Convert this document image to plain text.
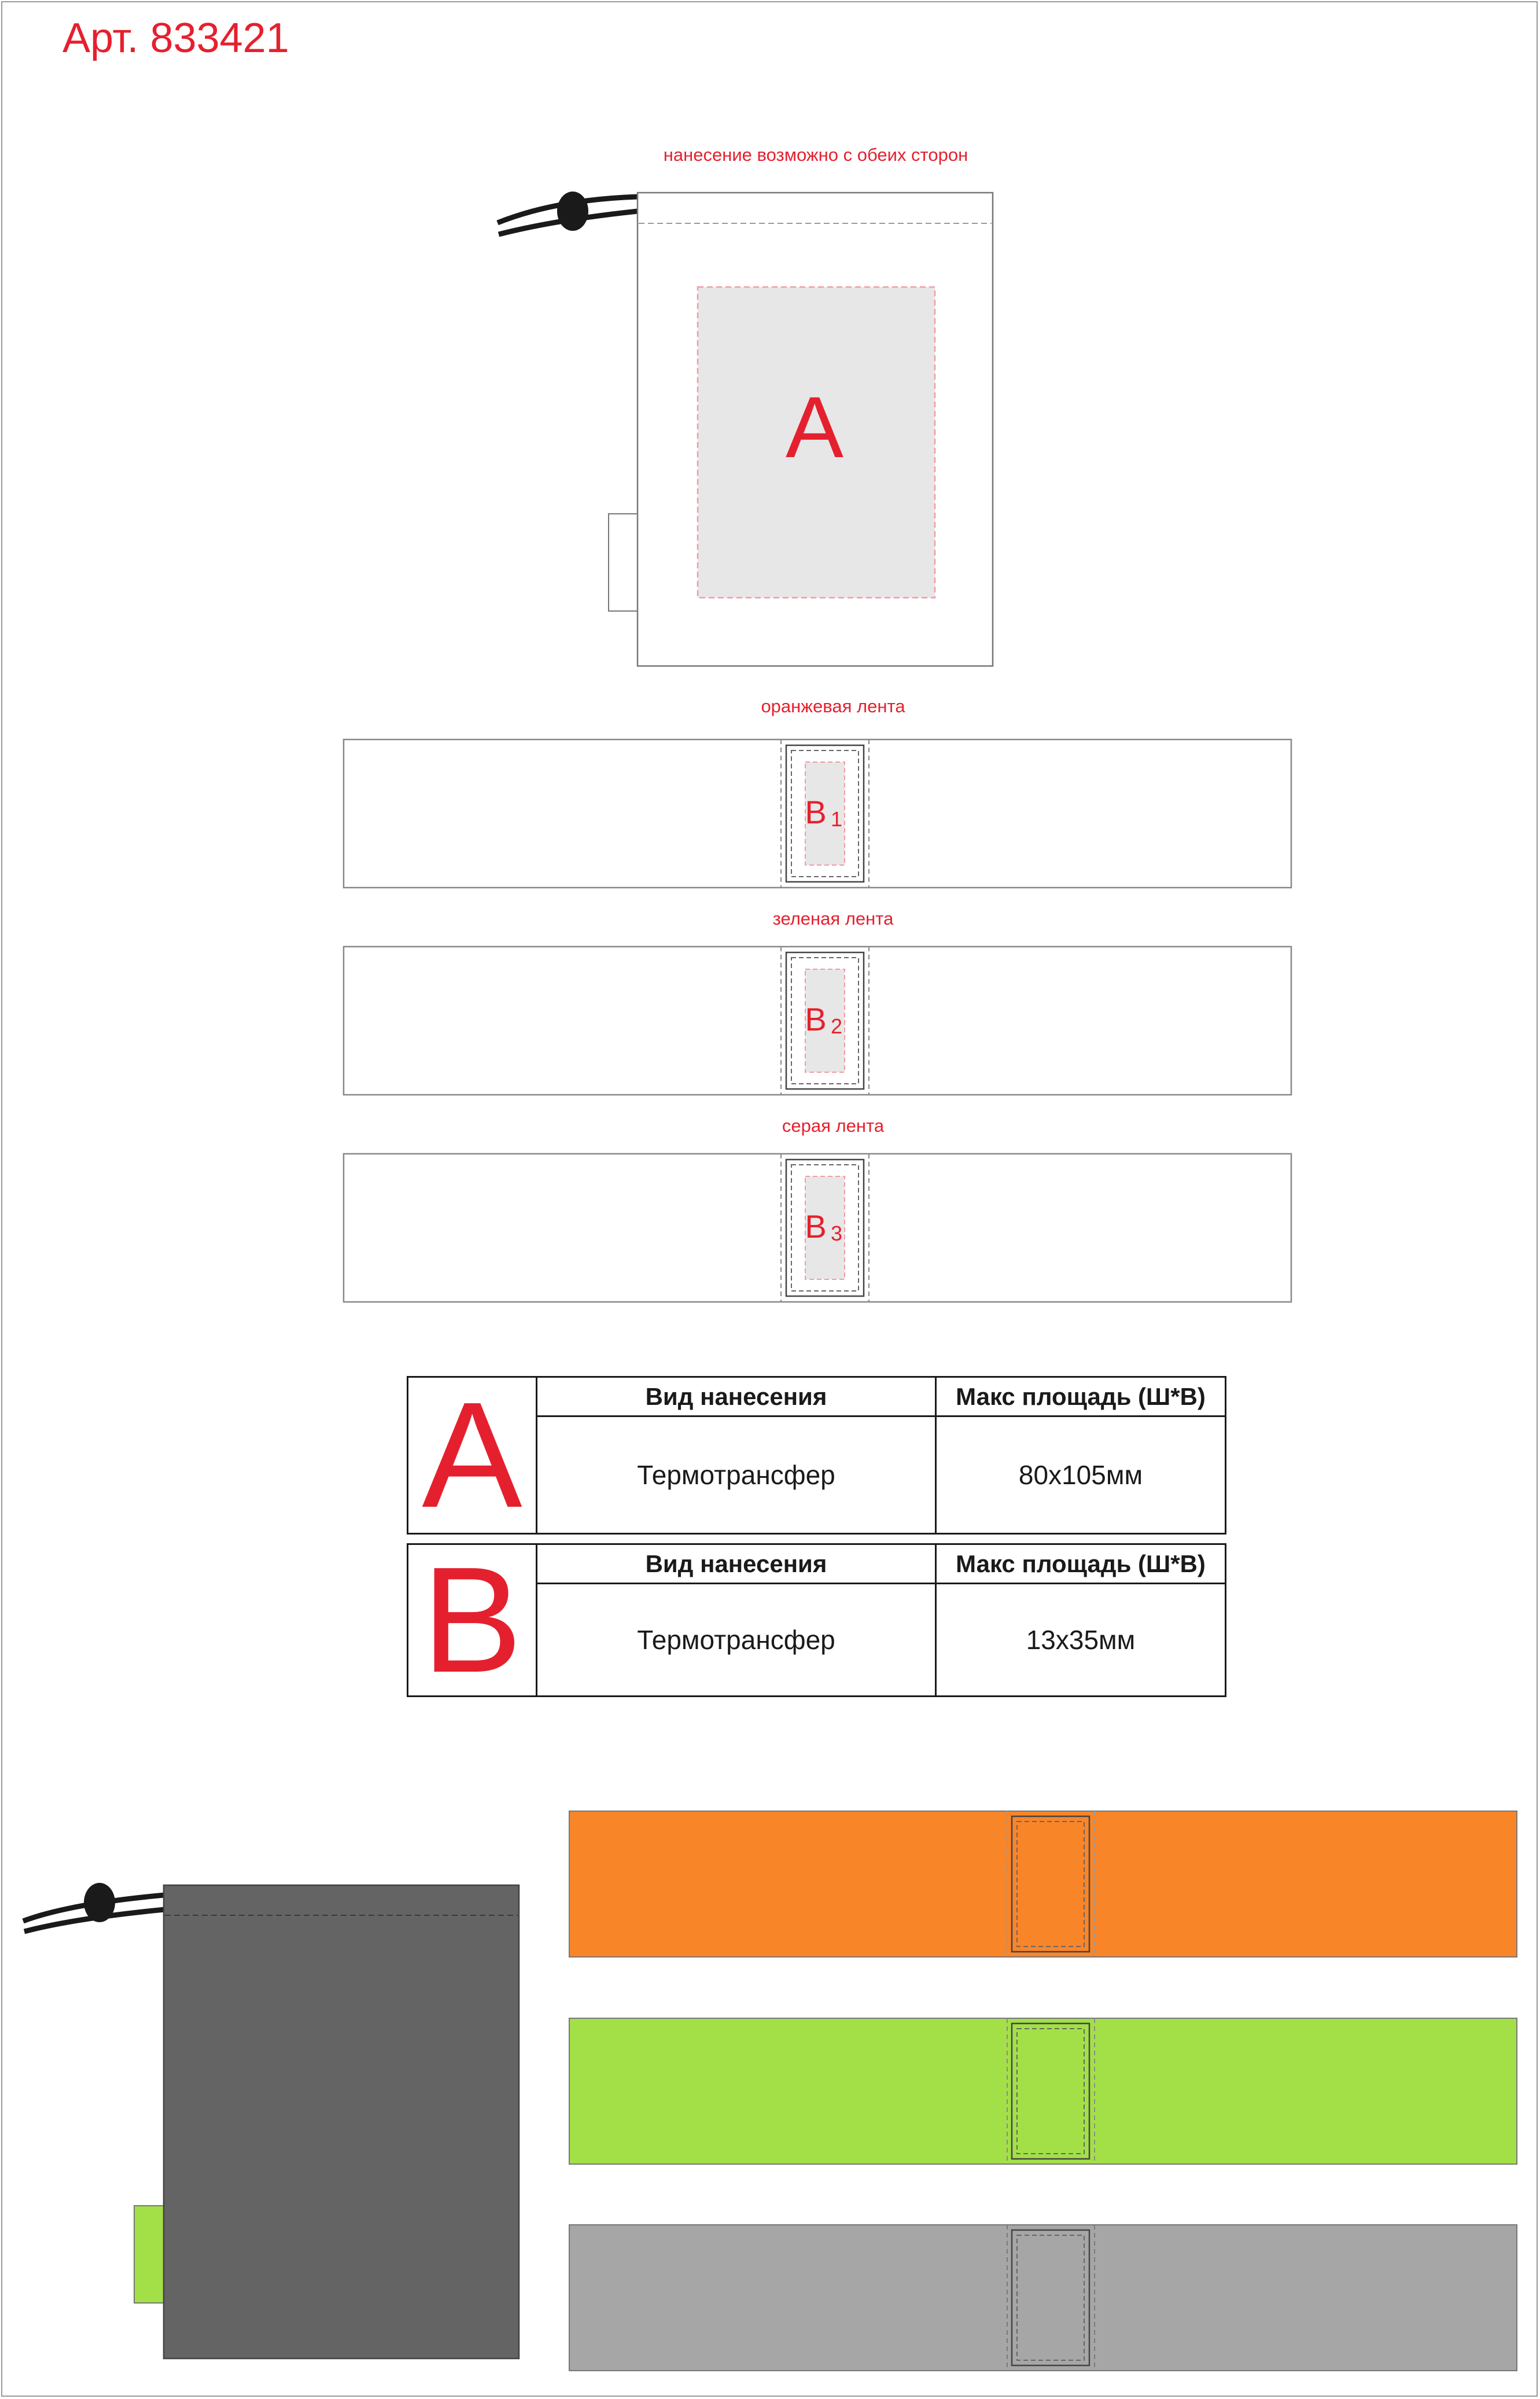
Арт. 833421
нанесение возможно с обеих сторон
оранжевая лента
зеленая лента
серая лента
A
B 1
B 2
B 3
A	Вид нанесения	Макс площадь (Ш*В)
	Термотрансфер	80х105мм
B	Вид нанесения	Макс площадь (Ш*В)
	Термотрансфер	13х35мм
